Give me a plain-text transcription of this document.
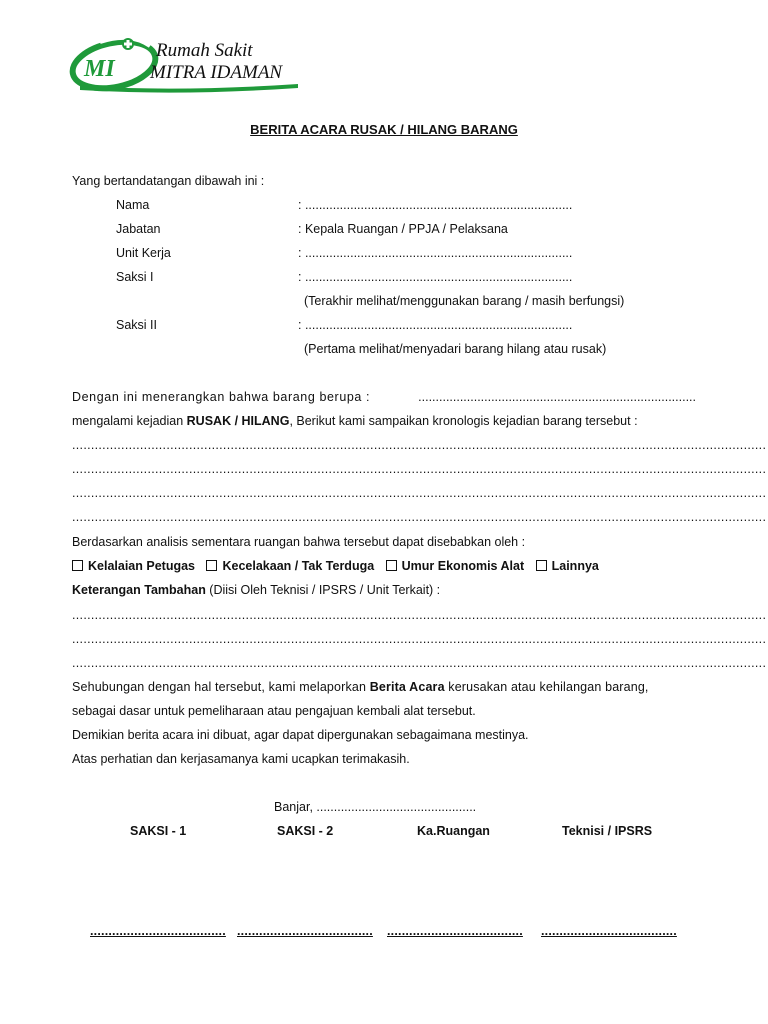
MI
Rumah Sakit
MITRA IDAMAN
BERITA ACARA RUSAK / HILANG BARANG
Yang bertandatangan dibawah ini :
Nama	: .............................................................................
Jabatan	: Kepala Ruangan / PPJA / Pelaksana
Unit Kerja	: .............................................................................
Saksi I	: .............................................................................
(Terakhir melihat/menggunakan barang / masih berfungsi)
Saksi II	: .............................................................................
(Pertama melihat/menyadari barang hilang atau rusak)
Dengan ini menerangkan bahwa barang berupa :	................................................................................
mengalami kejadian RUSAK / HILANG, Berikut kami sampaikan kronologis kejadian barang tersebut :
........................................................................................................................................................................................
........................................................................................................................................................................................
........................................................................................................................................................................................
........................................................................................................................................................................................
Berdasarkan analisis sementara ruangan bahwa tersebut dapat disebabkan oleh :
Kelalaian Petugas Kecelakaan / Tak Terduga Umur Ekonomis Alat Lainnya
Keterangan Tambahan (Diisi Oleh Teknisi / IPSRS / Unit Terkait) :
........................................................................................................................................................................................
........................................................................................................................................................................................
........................................................................................................................................................................................
Sehubungan dengan hal tersebut, kami melaporkan Berita Acara kerusakan atau kehilangan barang,
sebagai dasar untuk pemeliharaan atau pengajuan kembali alat tersebut.
Demikian berita acara ini dibuat, agar dapat dipergunakan sebagaimana mestinya.
Atas perhatian dan kerjasamanya kami ucapkan terimakasih.
Banjar, ..............................................
SAKSI - 1	SAKSI - 2	Ka.Ruangan	Teknisi / IPSRS
..................................... ..................................... ..................................... .....................................
